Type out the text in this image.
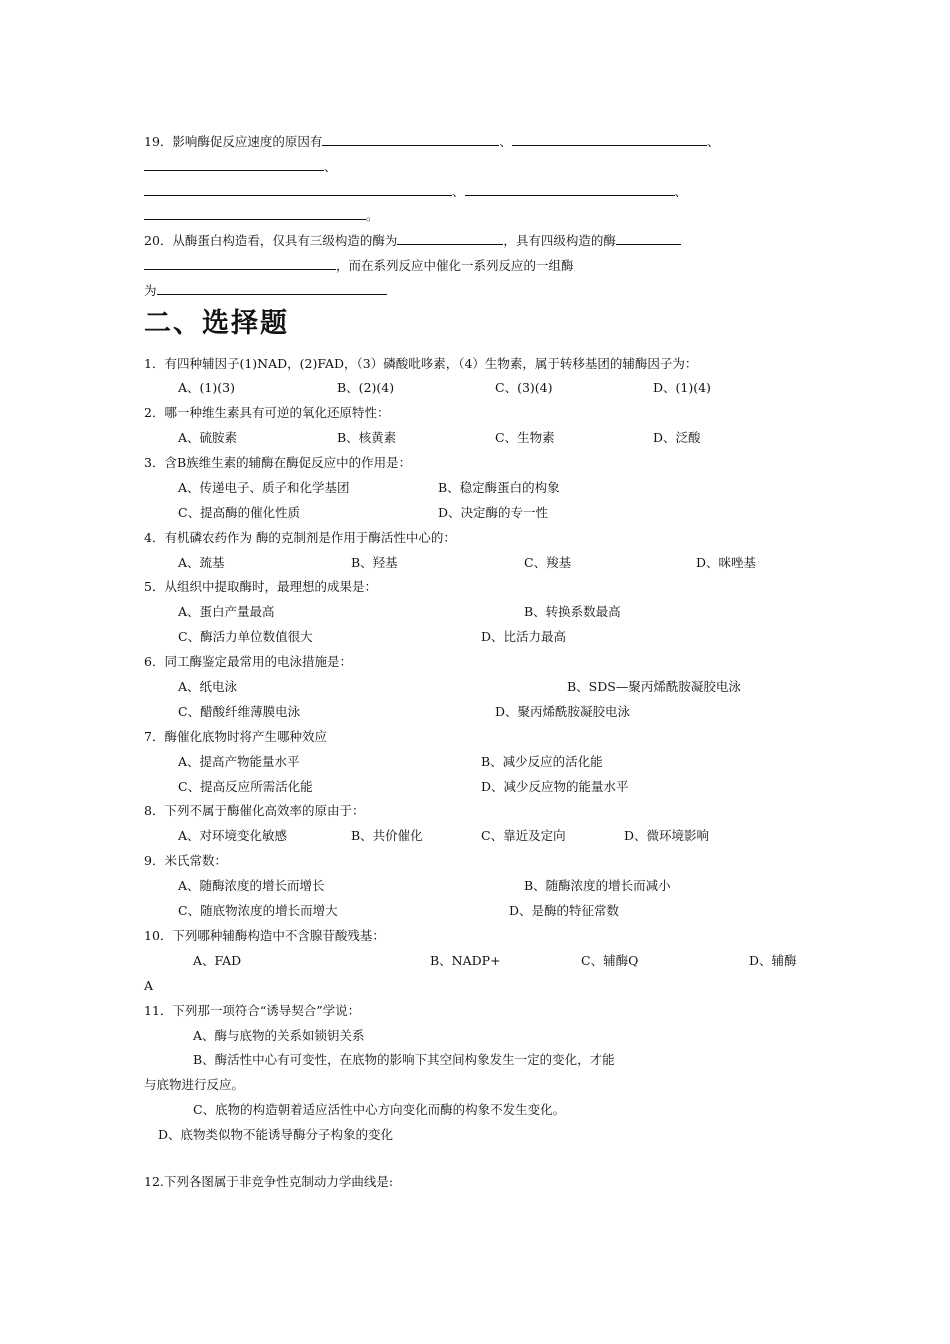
19．影响酶促反应速度的原因有	、	、
、
、	、
。
20．从酶蛋白构造看，仅具有三级构造的酶为	，具有四级构造的酶
，而在系列反应中催化一系列反应的一组酶
为
二、选择题
1．有四种辅因子(1)NAD，(2)FAD，（3）磷酸吡哆素，（4）生物素，属于转移基团的辅酶因子为：
A、(1)(3)	B、(2)(4)	C、(3)(4)	D、(1)(4)
2．哪一种维生素具有可逆的氧化还原特性：
A、硫胺素	B、核黄素	C、生物素	D、泛酸
3．含B族维生素的辅酶在酶促反应中的作用是：
A、传递电子、质子和化学基团	B、稳定酶蛋白的构象
C、提高酶的催化性质	D、决定酶的专一性
4．有机磷农药作为 酶的克制剂是作用于酶活性中心的：
A、巯基	B、羟基	C、羧基	D、咪唑基
5．从组织中提取酶时，最理想的成果是：
A、蛋白产量最高	B、转换系数最高
C、酶活力单位数值很大	D、比活力最高
6．同工酶鉴定最常用的电泳措施是：
A、纸电泳	B、SDS—聚丙烯酰胺凝胶电泳
C、醋酸纤维薄膜电泳	D、聚丙烯酰胺凝胶电泳
7．酶催化底物时将产生哪种效应
A、提高产物能量水平	B、减少反应的活化能
C、提高反应所需活化能	D、减少反应物的能量水平
8．下列不属于酶催化高效率的原由于：
A、对环境变化敏感	B、共价催化	C、靠近及定向	D、微环境影响
9．米氏常数：
A、随酶浓度的增长而增长	B、随酶浓度的增长而减小
C、随底物浓度的增长而增大	D、是酶的特征常数
10．下列哪种辅酶构造中不含腺苷酸残基：
A、FAD	B、NADP+	C、辅酶Q	D、辅酶
A
11．下列那一项符合“诱导契合”学说：
A、酶与底物的关系如锁钥关系
B、酶活性中心有可变性，在底物的影响下其空间构象发生一定的变化，才能
与底物进行反应。
C、底物的构造朝着适应活性中心方向变化而酶的构象不发生变化。
D、底物类似物不能诱导酶分子构象的变化
12.下列各图属于非竞争性克制动力学曲线是:
